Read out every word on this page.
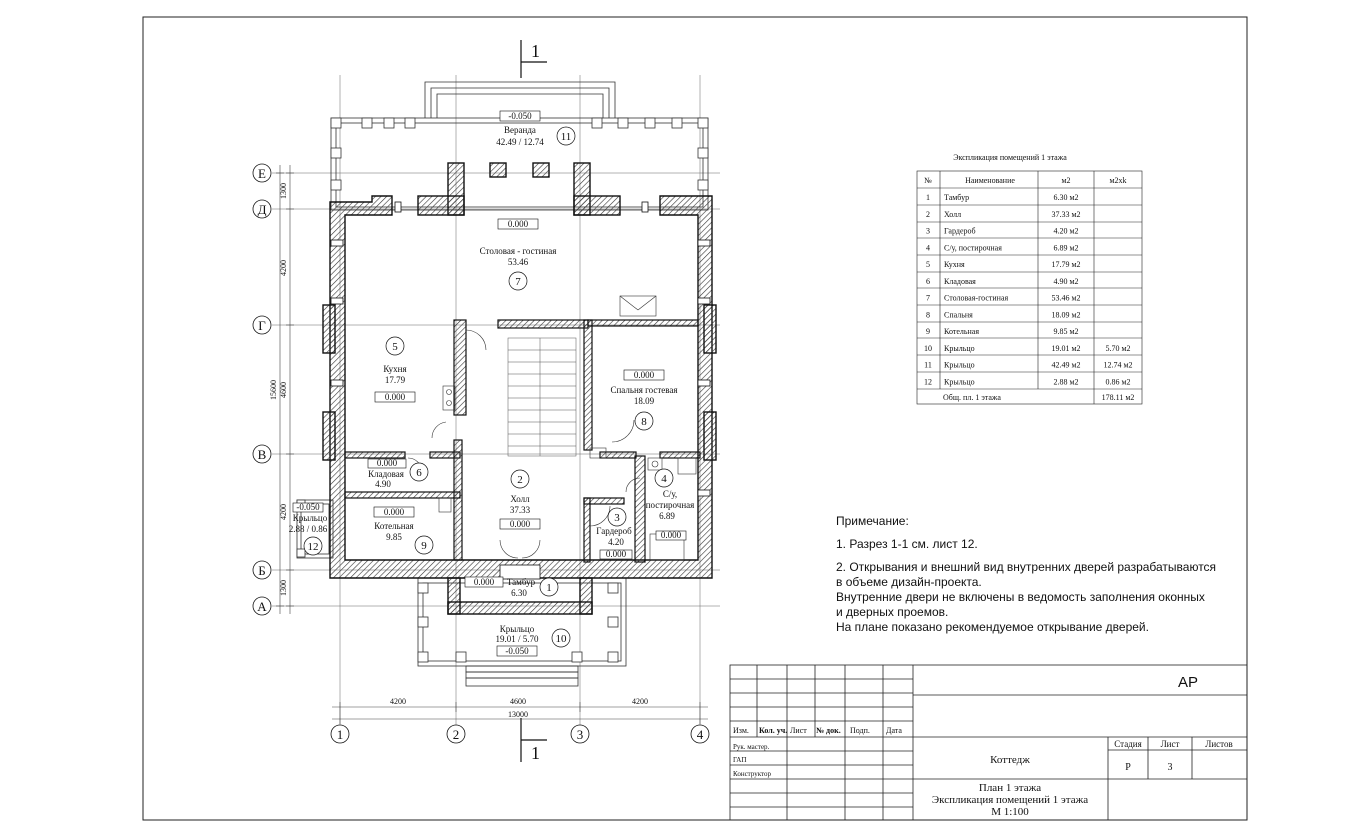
1
1
Е
Д
Г
В
Б
А
1	2	3	4
1300
4200
4600
1300
15600
4200
4200	4600	4200
13000
-0.050
Веранда
42.49 / 12.74 11
0.000
Столовая - гостиная
53.46
7
5
Кухня
17.79
0.000
0.000
Спальня гостевая
18.09
8
0.000
Кладовая
4.90
6
2
Холл
37.33
0.000
4
С/у,
постирочная
6.89
0.000
0.000
Котельная
9.85
9
3
Гардероб
4.20
0.000
-0.050
Крыльцо
2.88 / 0.86
12
0.000 Тамбур
6.30 1
Крыльцо
19.01 / 5.70 10
-0.050
Экспликация помещений 1 этажа
№	Наименование	м2	м2xk
1 Тамбур	6.30 м2
2 Холл	37.33 м2
3 Гардероб	4.20 м2
4 С/у, постирочная	6.89 м2
5 Кухня	17.79 м2
6 Кладовая	4.90 м2
7 Столовая-гостиная	53.46 м2
8 Спальня	18.09 м2
9 Котельная	9.85 м2
10 Крыльцо	19.01 м2	5.70 м2
11 Крыльцо	42.49 м2	12.74 м2
12 Крыльцо	2.88 м2	0.86 м2
Общ. пл. 1 этажа	178.11 м2
Изм. Кол. уч. Лист № док. Подп. Дата
Рук. мастер.
ГАП
Конструктор
АР
Коттедж
Стадия Лист	Листов
Р	3
План 1 этажа
Экспликация помещений 1 этажа
М 1:100
Примечание:
1. Разрез 1-1 см. лист 12.
2. Открывания и внешний вид внутренних дверей разрабатываются
в объеме дизайн-проекта.
Внутренние двери не включены в ведомость заполнения оконных
и дверных проемов.
На плане показано рекомендуемое открывание дверей.
